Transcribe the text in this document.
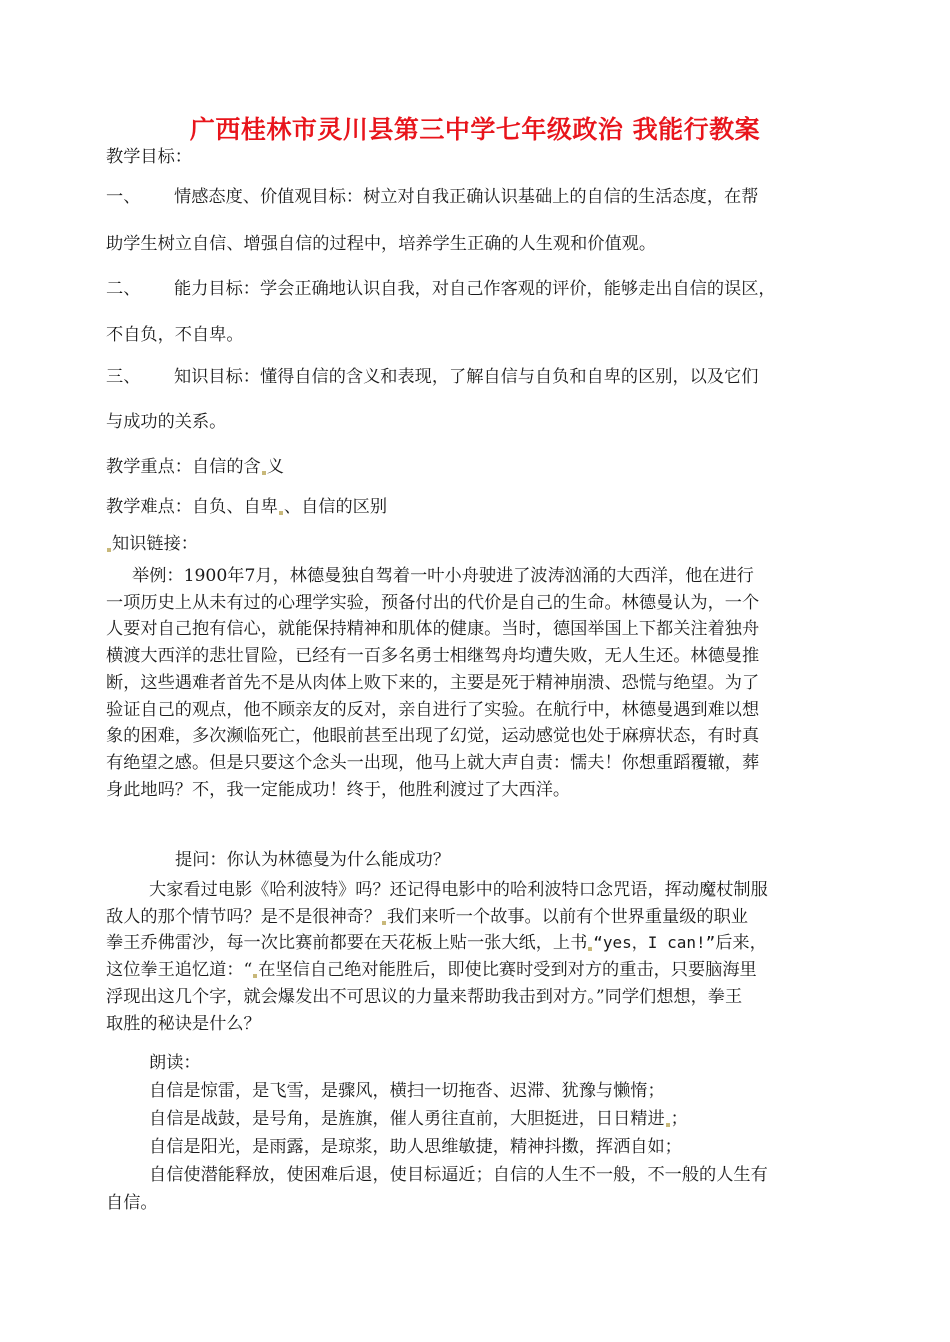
广西桂林市灵川县第三中学七年级政治 我能行教案
教学目标：
一、 情感态度、价值观目标：树立对自我正确认识基础上的自信的生活态度，在帮
助学生树立自信、增强自信的过程中，培养学生正确的人生观和价值观。
二、 能力目标：学会正确地认识自我，对自己作客观的评价，能够走出自信的误区，
不自负，不自卑。
三、 知识目标：懂得自信的含义和表现，了解自信与自负和自卑的区别，以及它们
与成功的关系。
教学重点：自信的含 义
教学难点：自负、自卑 、自信的区别
知识链接：
举例：1900年7月，林德曼独自驾着一叶小舟驶进了波涛汹涌的大西洋，他在进行
一项历史上从未有过的心理学实验，预备付出的代价是自己的生命。林德曼认为，一个
人要对自己抱有信心，就能保持精神和肌体的健康。当时，德国举国上下都关注着独舟
横渡大西洋的悲壮冒险，已经有一百多名勇士相继驾舟均遭失败，无人生还。林德曼推
断，这些遇难者首先不是从肉体上败下来的，主要是死于精神崩溃、恐慌与绝望。为了
验证自己的观点，他不顾亲友的反对，亲自进行了实验。在航行中，林德曼遇到难以想
象的困难，多次濒临死亡，他眼前甚至出现了幻觉，运动感觉也处于麻痹状态，有时真
有绝望之感。但是只要这个念头一出现，他马上就大声自责：懦夫！你想重蹈覆辙，葬
身此地吗？不，我一定能成功！终于，他胜利渡过了大西洋。
提问：你认为林德曼为什么能成功？
大家看过电影《哈利波特》吗？还记得电影中的哈利波特口念咒语，挥动魔杖制服
敌人的那个情节吗？是不是很神奇？ 我们来听一个故事。以前有个世界重量级的职业
拳王乔佛雷沙，每一次比赛前都要在天花板上贴一张大纸，上书 “yes，I can!”后来，
这位拳王追忆道：“ 在坚信自己绝对能胜后，即使比赛时受到对方的重击，只要脑海里
浮现出这几个字，就会爆发出不可思议的力量来帮助我击到对方。”同学们想想，拳王
取胜的秘诀是什么？
朗读：
自信是惊雷，是飞雪，是骤风，横扫一切拖沓、迟滞、犹豫与懒惰；
自信是战鼓，是号角，是旌旗，催人勇往直前，大胆挺进，日日精进 ；
自信是阳光，是雨露，是琼浆，助人思维敏捷，精神抖擞，挥洒自如；
自信使潜能释放，使困难后退，使目标逼近；自信的人生不一般，不一般的人生有
自信。
